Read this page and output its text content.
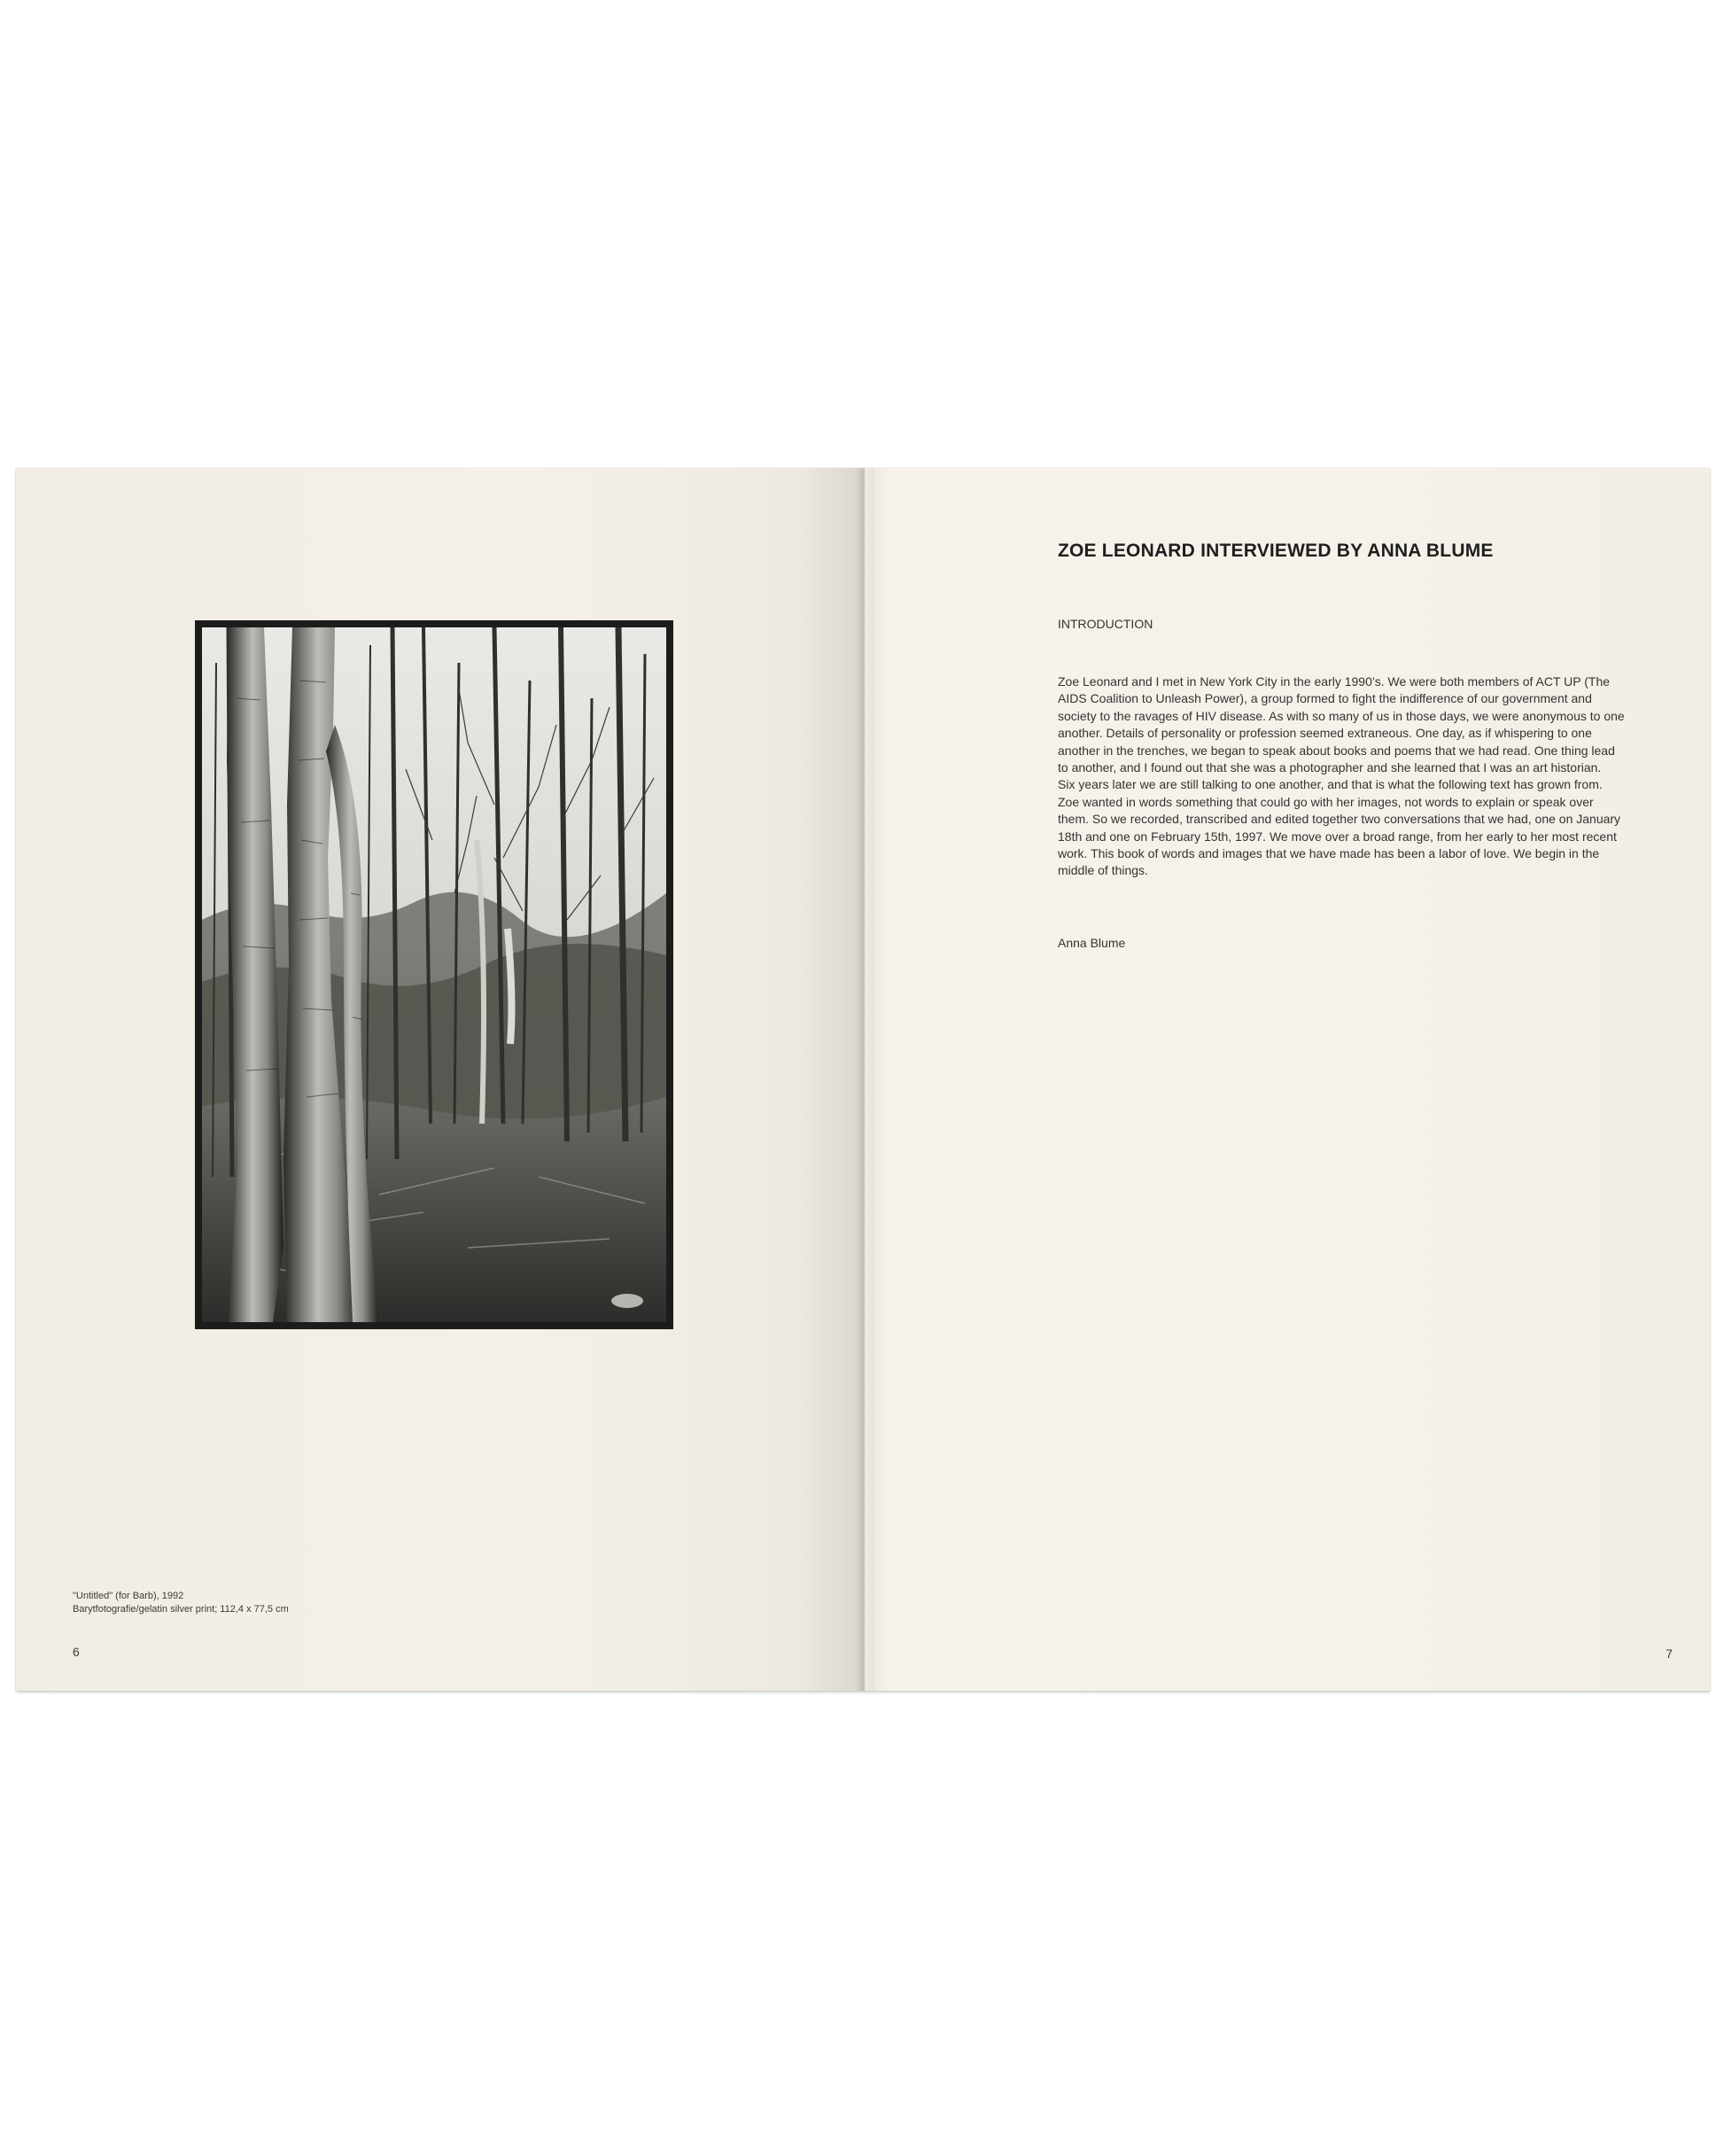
"Untitled" (for Barb), 1992
Barytfotografie/gelatin silver print; 112,4 x 77,5 cm
6
ZOE LEONARD INTERVIEWED BY ANNA BLUME
INTRODUCTION

Zoe Leonard and I met in New York City in the early 1990’s. We were both members of ACT UP (The AIDS Coalition to Unleash Power), a group formed to fight the indifference of our government and society to the ravages of HIV disease. As with so many of us in those days, we were anonymous to one another. Details of personality or profession seemed extraneous. One day, as if whispering to one another in the trenches, we began to speak about books and poems that we had read. One thing lead to another, and I found out that she was a photographer and she learned that I was an art historian.

Six years later we are still talking to one another, and that is what the following text has grown from. Zoe wanted in words something that could go with her images, not words to explain or speak over them. So we recorded, transcribed and edited together two conversations that we had, one on January 18th and one on February 15th, 1997. We move over a broad range, from her early to her most recent work. This book of words and images that we have made has been a labor of love. We begin in the middle of things.

Anna Blume
7
